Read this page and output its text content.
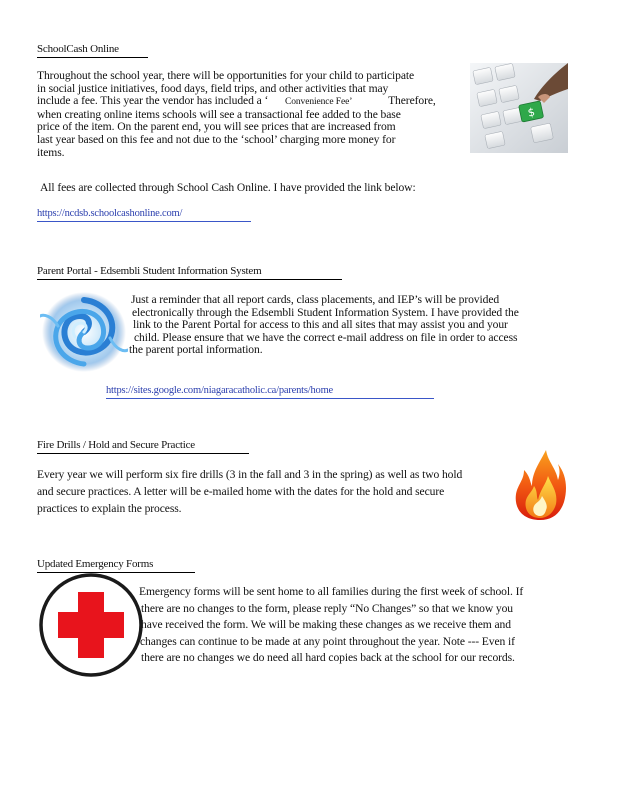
SchoolCash Online
Throughout the school year, there will be opportunities for your child to participate
in social justice initiatives, food days, field trips, and other activities that may
include a fee. This year the vendor has included a ‘ Convenience Fee’	Therefore,
when creating online items schools will see a transactional fee added to the base
price of the item. On the parent end, you will see prices that are increased from
last year based on this fee and not due to the ‘school’ charging more money for
items.
$
All fees are collected through School Cash Online. I have provided the link below:
https://ncdsb.schoolcashonline.com/
Parent Portal - Edsembli Student Information System
Just a reminder that all report cards, class placements, and IEP’s will be provided
electronically through the Edsembli Student Information System. I have provided the
link to the Parent Portal for access to this and all sites that may assist you and your
child. Please ensure that we have the correct e-mail address on file in order to access
the parent portal information.
https://sites.google.com/niagaracatholic.ca/parents/home
Fire Drills / Hold and Secure Practice
Every year we will perform six fire drills (3 in the fall and 3 in the spring) as well as two hold
and secure practices. A letter will be e-mailed home with the dates for the hold and secure
practices to explain the process.
Updated Emergency Forms
Emergency forms will be sent home to all families during the first week of school. If
there are no changes to the form, please reply “No Changes” so that we know you
have received the form. We will be making these changes as we receive them and
changes can continue to be made at any point throughout the year. Note --- Even if
there are no changes we do need all hard copies back at the school for our records.
